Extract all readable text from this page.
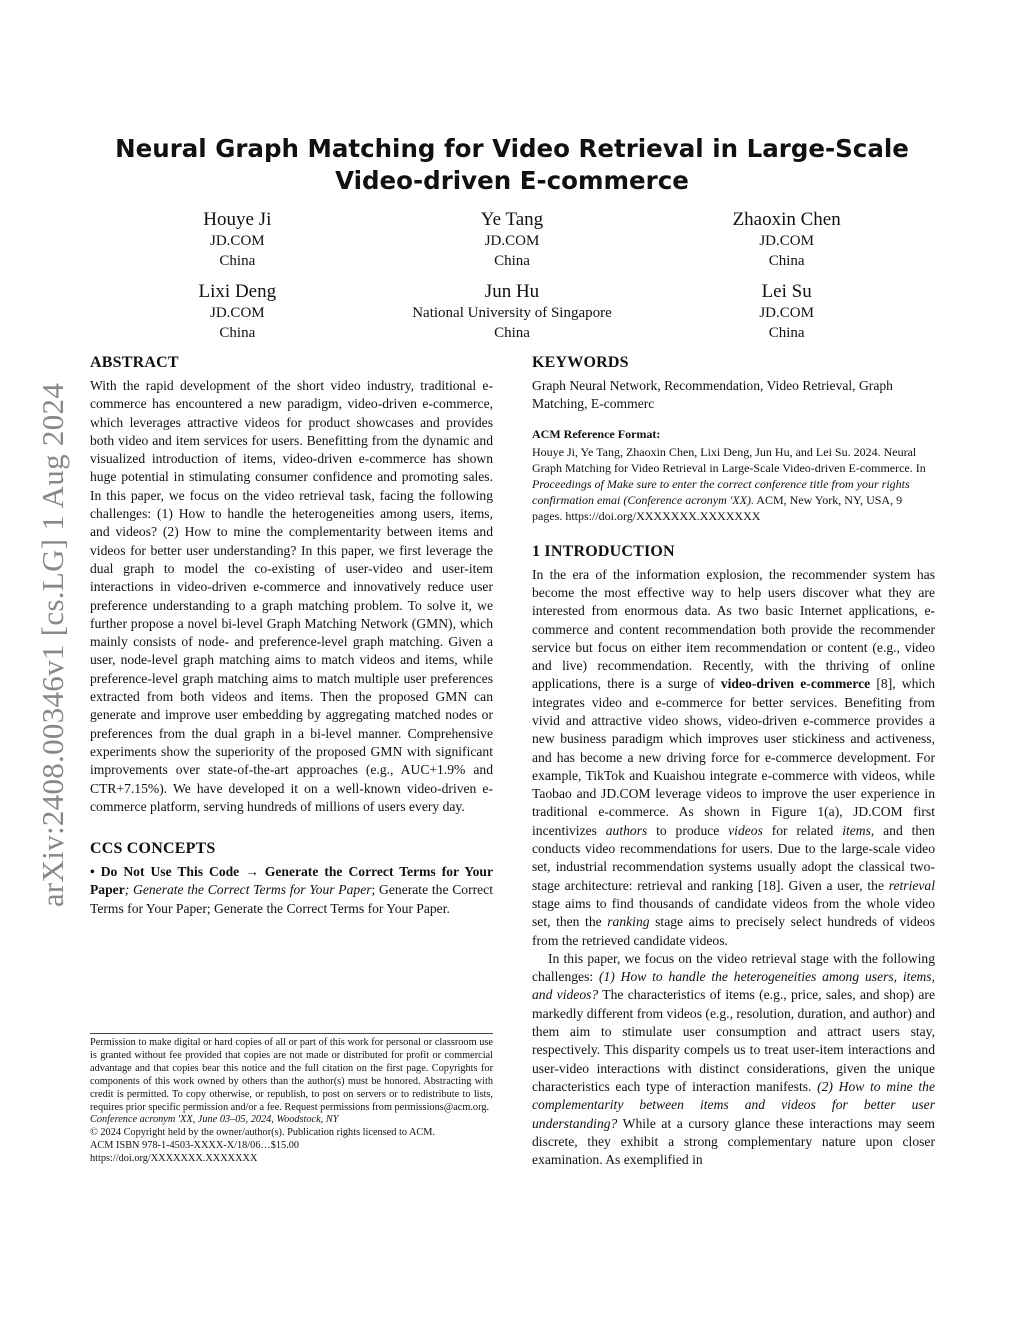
arXiv:2408.00346v1 [cs.LG] 1 Aug 2024
Neural Graph Matching for Video Retrieval in Large-Scale Video-driven E-commerce
Houye Ji
JD.COM
China
Ye Tang
JD.COM
China
Zhaoxin Chen
JD.COM
China
Lixi Deng
JD.COM
China
Jun Hu
National University of Singapore
China
Lei Su
JD.COM
China
ABSTRACT

With the rapid development of the short video industry, traditional e-commerce has encountered a new paradigm, video-driven e-commerce, which leverages attractive videos for product showcases and provides both video and item services for users. Benefitting from the dynamic and visualized introduction of items, video-driven e-commerce has shown huge potential in stimulating consumer confidence and promoting sales. In this paper, we focus on the video retrieval task, facing the following challenges: (1) How to handle the heterogeneities among users, items, and videos? (2) How to mine the complementarity between items and videos for better user understanding? In this paper, we first leverage the dual graph to model the co-existing of user-video and user-item interactions in video-driven e-commerce and innovatively reduce user preference understanding to a graph matching problem. To solve it, we further propose a novel bi-level Graph Matching Network (GMN), which mainly consists of node- and preference-level graph matching. Given a user, node-level graph matching aims to match videos and items, while preference-level graph matching aims to match multiple user preferences extracted from both videos and items. Then the proposed GMN can generate and improve user embedding by aggregating matched nodes or preferences from the dual graph in a bi-level manner. Comprehensive experiments show the superiority of the proposed GMN with significant improvements over state-of-the-art approaches (e.g., AUC+1.9% and CTR+7.15%). We have developed it on a well-known video-driven e-commerce platform, serving hundreds of millions of users every day.

CCS CONCEPTS

• Do Not Use This Code → Generate the Correct Terms for Your Paper; Generate the Correct Terms for Your Paper; Generate the Correct Terms for Your Paper; Generate the Correct Terms for Your Paper.

Permission to make digital or hard copies of all or part of this work for personal or classroom use is granted without fee provided that copies are not made or distributed for profit or commercial advantage and that copies bear this notice and the full citation on the first page. Copyrights for components of this work owned by others than the author(s) must be honored. Abstracting with credit is permitted. To copy otherwise, or republish, to post on servers or to redistribute to lists, requires prior specific permission and/or a fee. Request permissions from permissions@acm.org.

Conference acronym 'XX, June 03–05, 2024, Woodstock, NY

© 2024 Copyright held by the owner/author(s). Publication rights licensed to ACM.

ACM ISBN 978-1-4503-XXXX-X/18/06…$15.00

https://doi.org/XXXXXXX.XXXXXXX

KEYWORDS

Graph Neural Network, Recommendation, Video Retrieval, Graph Matching, E-commerc

ACM Reference Format:

Houye Ji, Ye Tang, Zhaoxin Chen, Lixi Deng, Jun Hu, and Lei Su. 2024. Neural Graph Matching for Video Retrieval in Large-Scale Video-driven E-commerce. In Proceedings of Make sure to enter the correct conference title from your rights confirmation emai (Conference acronym 'XX). ACM, New York, NY, USA, 9 pages. https://doi.org/XXXXXXX.XXXXXXX

1 INTRODUCTION

In the era of the information explosion, the recommender system has become the most effective way to help users discover what they are interested from enormous data. As two basic Internet applications, e-commerce and content recommendation both provide the recommender service but focus on either item recommendation or content (e.g., video and live) recommendation. Recently, with the thriving of online applications, there is a surge of video-driven e-commerce [8], which integrates video and e-commerce for better services. Benefiting from vivid and attractive video shows, video-driven e-commerce provides a new business paradigm which improves user stickiness and activeness, and has become a new driving force for e-commerce development. For example, TikTok and Kuaishou integrate e-commerce with videos, while Taobao and JD.COM leverage videos to improve the user experience in traditional e-commerce. As shown in Figure 1(a), JD.COM first incentivizes authors to produce videos for related items, and then conducts video recommendations for users. Due to the large-scale video set, industrial recommendation systems usually adopt the classical two-stage architecture: retrieval and ranking [18]. Given a user, the retrieval stage aims to find thousands of candidate videos from the whole video set, then the ranking stage aims to precisely select hundreds of videos from the retrieved candidate videos.

In this paper, we focus on the video retrieval stage with the following challenges: (1) How to handle the heterogeneities among users, items, and videos? The characteristics of items (e.g., price, sales, and shop) are markedly different from videos (e.g., resolution, duration, and author) and them aim to stimulate user consumption and attract users stay, respectively. This disparity compels us to treat user-item interactions and user-video interactions with distinct considerations, given the unique characteristics each type of interaction manifests. (2) How to mine the complementarity between items and videos for better user understanding? While at a cursory glance these interactions may seem discrete, they exhibit a strong complementary nature upon closer examination. As exemplified in
